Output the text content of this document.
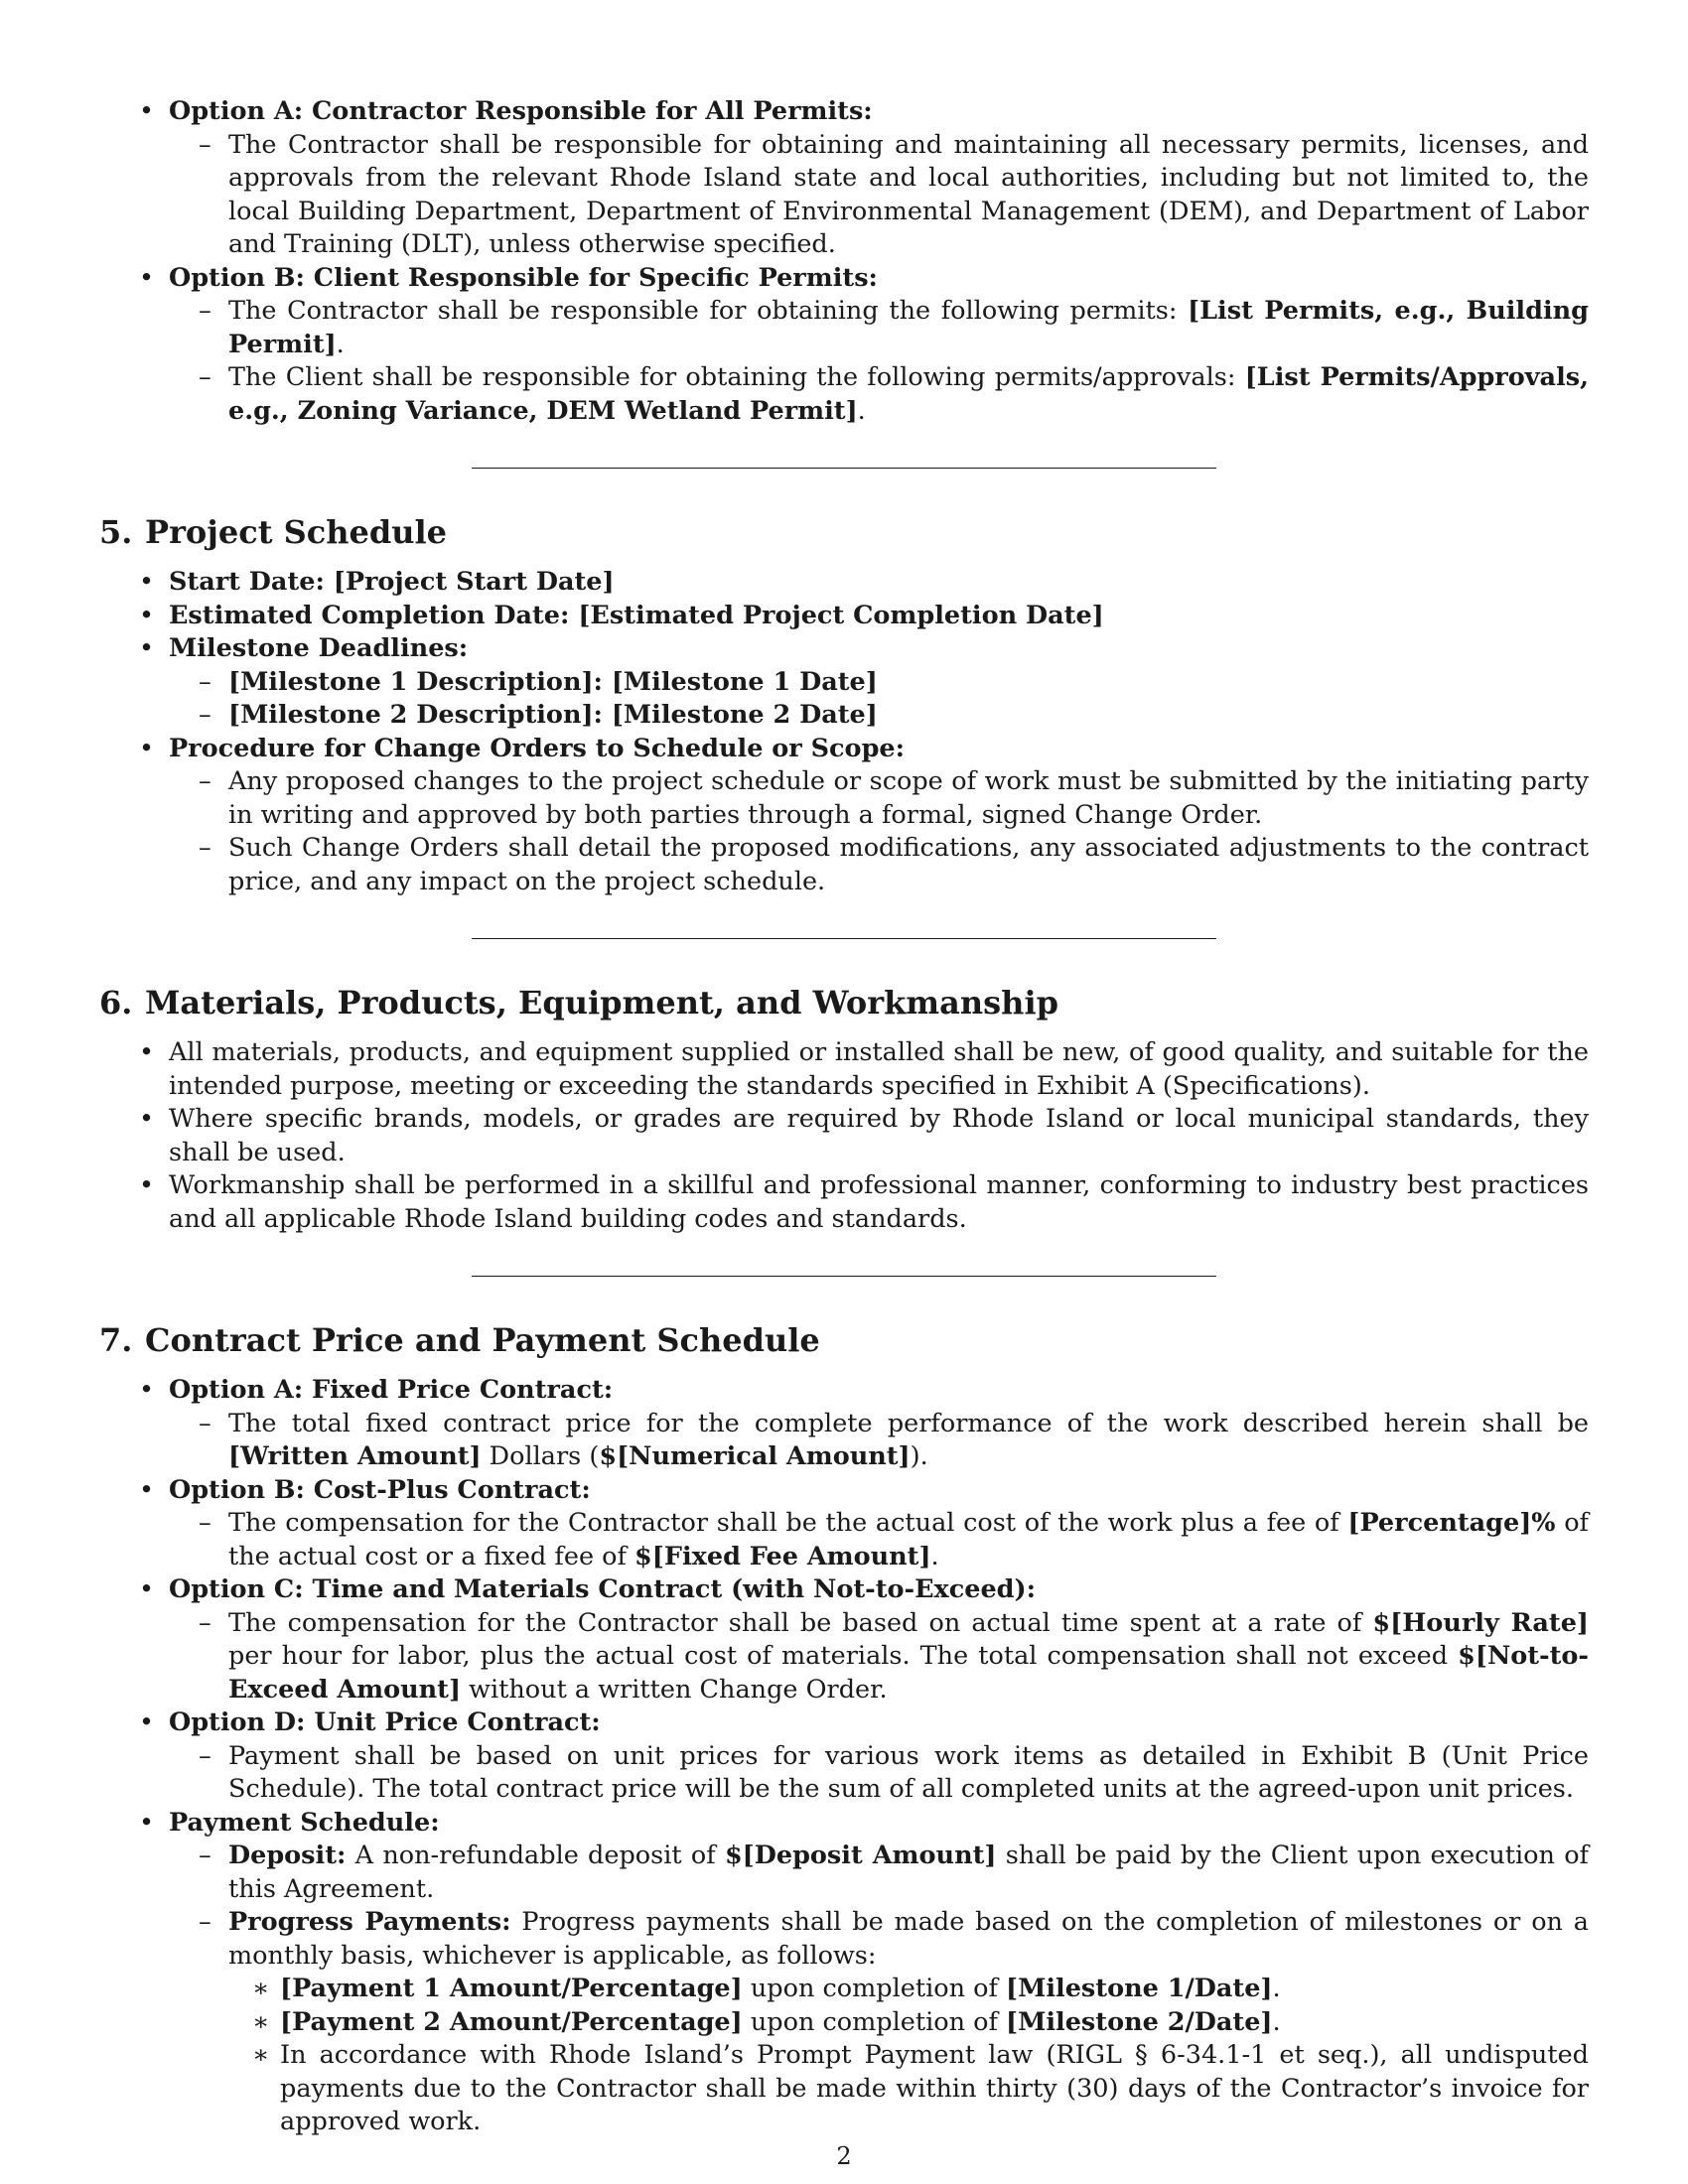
• Option A: Contractor Responsible for All Permits:
– The Contractor shall be responsible for obtaining and maintaining all necessary permits, licenses, and approvals from the relevant Rhode Island state and local authorities, including but not limited to, the local Building Department, Department of Environmental Management (DEM), and Department of Labor and Training (DLT), unless otherwise specified.
• Option B: Client Responsible for Specific Permits:
– The Contractor shall be responsible for obtaining the following permits: [List Permits, e.g., Building Permit].
– The Client shall be responsible for obtaining the following permits/approvals: [List Permits/Approvals, e.g., Zoning Variance, DEM Wetland Permit].
5. Project Schedule
• Start Date: [Project Start Date]
• Estimated Completion Date: [Estimated Project Completion Date]
• Milestone Deadlines:
– [Milestone 1 Description]: [Milestone 1 Date]
– [Milestone 2 Description]: [Milestone 2 Date]
• Procedure for Change Orders to Schedule or Scope:
– Any proposed changes to the project schedule or scope of work must be submitted by the initiating party in writing and approved by both parties through a formal, signed Change Order.
– Such Change Orders shall detail the proposed modifications, any associated adjustments to the contract price, and any impact on the project schedule.
6. Materials, Products, Equipment, and Workmanship
• All materials, products, and equipment supplied or installed shall be new, of good quality, and suitable for the intended purpose, meeting or exceeding the standards specified in Exhibit A (Specifications).
• Where specific brands, models, or grades are required by Rhode Island or local municipal standards, they shall be used.
• Workmanship shall be performed in a skillful and professional manner, conforming to industry best practices and all applicable Rhode Island building codes and standards.
7. Contract Price and Payment Schedule
• Option A: Fixed Price Contract:
– The total fixed contract price for the complete performance of the work described herein shall be [Written Amount] Dollars ($[Numerical Amount]).
• Option B: Cost-Plus Contract:
– The compensation for the Contractor shall be the actual cost of the work plus a fee of [Percentage]% of the actual cost or a fixed fee of $[Fixed Fee Amount].
• Option C: Time and Materials Contract (with Not-to-Exceed):
– The compensation for the Contractor shall be based on actual time spent at a rate of $[Hourly Rate] per hour for labor, plus the actual cost of materials. The total compensation shall not exceed $[Not-to-Exceed Amount] without a written Change Order.
• Option D: Unit Price Contract:
– Payment shall be based on unit prices for various work items as detailed in Exhibit B (Unit Price Schedule). The total contract price will be the sum of all completed units at the agreed-upon unit prices.
• Payment Schedule:
– Deposit: A non-refundable deposit of $[Deposit Amount] shall be paid by the Client upon execution of this Agreement.
– Progress Payments: Progress payments shall be made based on the completion of milestones or on a monthly basis, whichever is applicable, as follows:
∗ [Payment 1 Amount/Percentage] upon completion of [Milestone 1/Date].
∗ [Payment 2 Amount/Percentage] upon completion of [Milestone 2/Date].
∗ In accordance with Rhode Island’s Prompt Payment law (RIGL § 6-34.1-1 et seq.), all undisputed payments due to the Contractor shall be made within thirty (30) days of the Contractor’s invoice for approved work.
2
